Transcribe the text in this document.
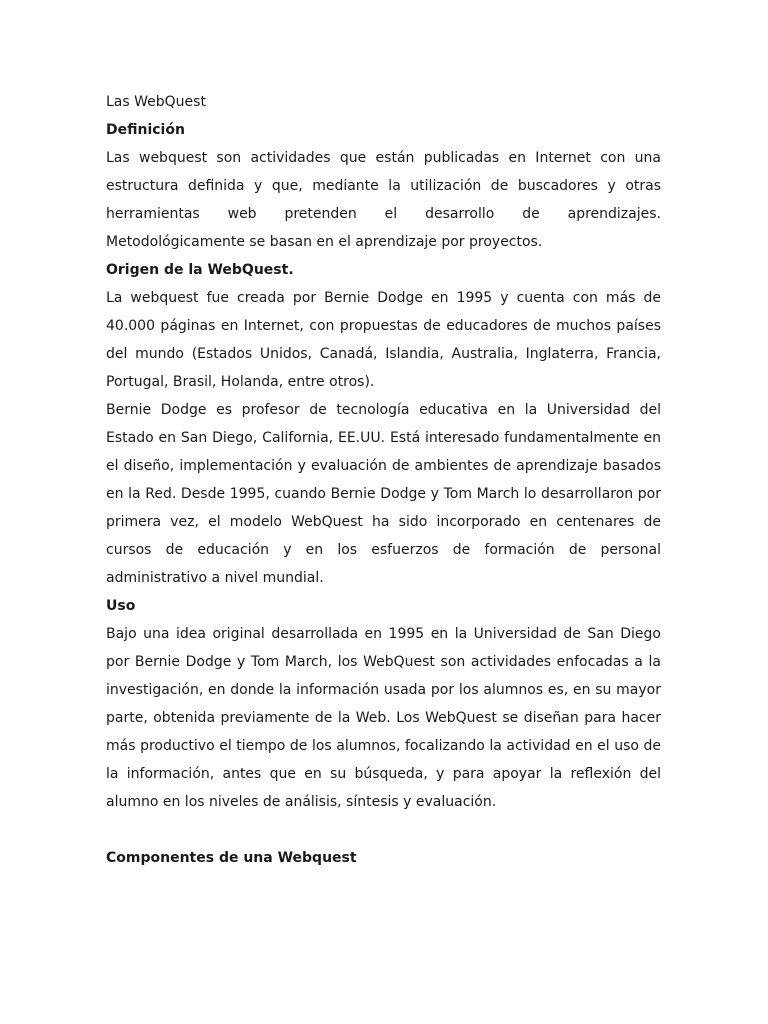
Las WebQuest

Definición

Las webquest son actividades que están publicadas en Internet con una estructura definida y que, mediante la utilización de buscadores y otras herramientas web pretenden el desarrollo de aprendizajes. Metodológicamente se basan en el aprendizaje por proyectos.

Origen de la WebQuest.

La webquest fue creada por Bernie Dodge en 1995 y cuenta con más de 40.000 páginas en Internet, con propuestas de educadores de muchos países del mundo (Estados Unidos, Canadá, Islandia, Australia, Inglaterra, Francia, Portugal, Brasil, Holanda, entre otros).

Bernie Dodge es profesor de tecnología educativa en la Universidad del Estado en San Diego, California, EE.UU. Está interesado fundamentalmente en el diseño, implementación y evaluación de ambientes de aprendizaje basados en la Red. Desde 1995, cuando Bernie Dodge y Tom March lo desarrollaron por primera vez, el modelo WebQuest ha sido incorporado en centenares de cursos de educación y en los esfuerzos de formación de personal administrativo a nivel mundial.

Uso

Bajo una idea original desarrollada en 1995 en la Universidad de San Diego por Bernie Dodge y Tom March, los WebQuest son actividades enfocadas a la investigación, en donde la información usada por los alumnos es, en su mayor parte, obtenida previamente de la Web. Los WebQuest se diseñan para hacer más productivo el tiempo de los alumnos, focalizando la actividad en el uso de la información, antes que en su búsqueda, y para apoyar la reflexión del alumno en los niveles de análisis, síntesis y evaluación.

Componentes de una Webquest
